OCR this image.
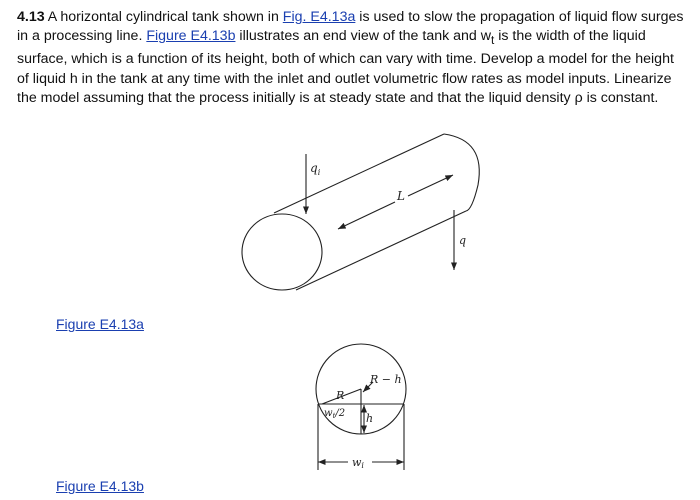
4.13 A horizontal cylindrical tank shown in Fig. E4.13a is used to slow the propagation of liquid flow surges in a processing line. Figure E4.13b illustrates an end view of the tank and $w_t$ is the width of the liquid surface, which is a function of its height, both of which can vary with time. Develop a model for the height of liquid h in the tank at any time with the inlet and outlet volumetric flow rates as model inputs. Linearize the model assuming that the process initially is at steady state and that the liquid density ρ is constant.

$q_i$
L
q
R − h
R
$w_t/2$ h
wi
Figure E4.13a
Figure E4.13b
